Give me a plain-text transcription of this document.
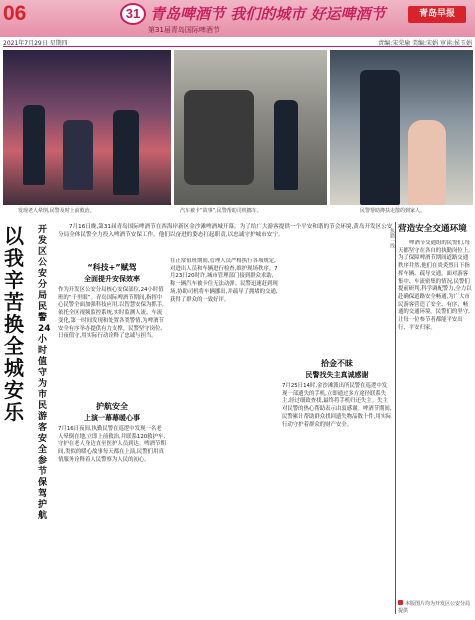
06	31 青岛啤酒节 我们的城市 好运啤酒节
第31届青岛国际啤酒节
青岛早报
2021年7月29日 星期四	责编:宋荣瑜 美编:宋娟 审读:侯玉娟
发现老人晕倒,民警及时上前救治。	汽车被卡“故事”,民警帮助司机挪车。	民警帮助搀扶走散的到家人。
以我辛苦 换全城安乐
开发区公安分局民警24小时值守 为市民游客安全参节保驾护航
7月16日晚,第31届青岛国际啤酒节在西海岸新区金沙滩啤酒城开幕。为了给广大游客提供一个平安和谐的节会环境,黄岛开发区公安分局全体民警全力投入啤酒节安保工作。他们以奋进的姿态扛起职责,以忠诚守护城市安宁。
“科技+”赋驾
全面提升安保效率

作为开发区公安分局核心安保部位,24小时值班的“千里眼”。青岛国际啤酒节期间,指挥中心民警全面加强科技应用,以智慧安保为抓手,依托全区视频监控系统,实时监测人流、车流变化,第一时间发现和处置各类警情,为啤酒节安全有序举办提供有力支撑。民警坚守岗位、日夜值守,用实际行动诠释了忠诚与担当。

护航安全
上演一幕幕暖心事

7月16日夜间,执勤民警在巡逻中发现一名老人晕倒在地,立即上前救治,并联系120救护车,守护在老人身边直至医护人员到达。啤酒节期间,类似的暖心故事每天都在上演,民警们用真情服务诠释着人民警察为人民的初心。

在正常值班期间,管理人员严格执行各项规定,对进出人员和车辆进行检查,维护现场秩序。7月23日20时许,城市管理部门接到群众求助,称一辆汽车被卡住无法动弹。民警迅速赶到现场,协助司机将车辆挪出,并疏导了拥堵的交通,获得了群众的一致好评。

拾金不昧
民警找失主真诚感谢

7月25日14时,金沙滩派出所民警在巡逻中发现一部遗失的手机,立即通过多方途径联系失主,经过细致查找,最终将手机归还失主。失主对民警的热心帮助表示由衷感谢。啤酒节期间,民警累计帮助群众找回遗失物品数十件,用实际行动守护着群众的财产安全。

营造安全交通环境
啤酒节交通组的民警们,每天都坚守在各自的执勤岗位上,为了保障啤酒节期间道路交通秩序井然,他们在炎炎烈日下指挥车辆、疏导交通。面对游客集中、车流密集的情况,民警们提前研判,科学调配警力,全力以赴确保道路安全畅通,为广大市民游客营造了安全、有序、畅通的交通环境。民警们的坚守,让每一位参节者都能平安出行、平安归家。
执勤一线
本版图片均为开发区公安分局提供
